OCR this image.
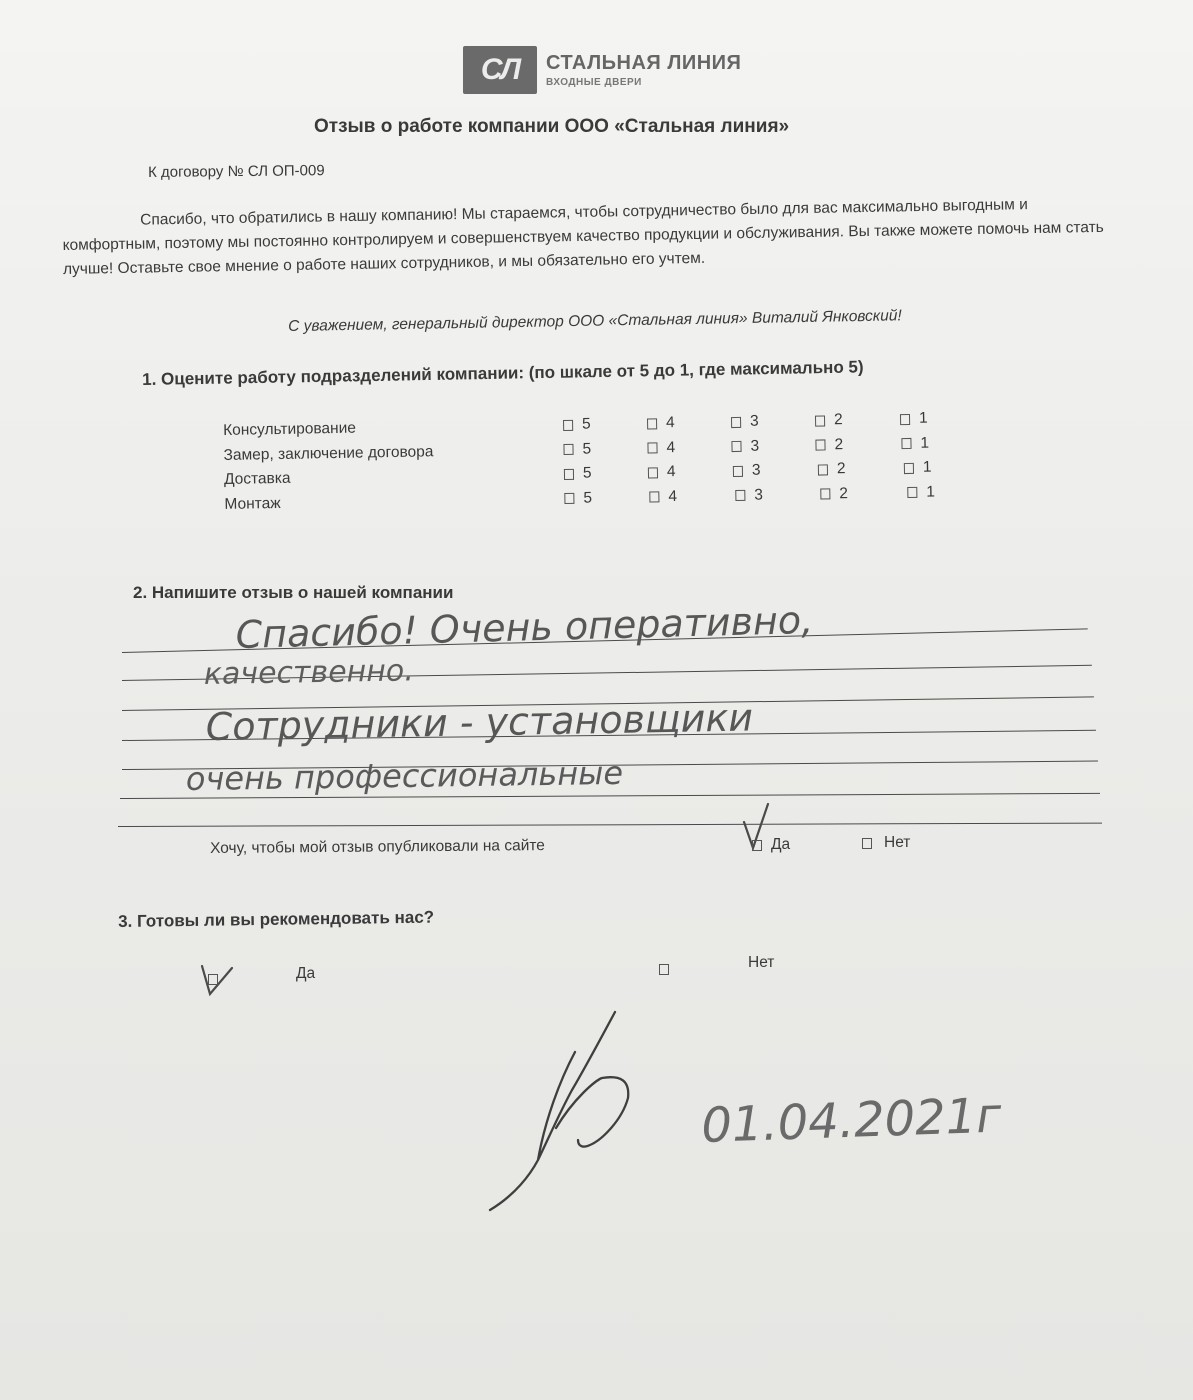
СЛ СТАЛЬНАЯ ЛИНИЯ
ВХОДНЫЕ ДВЕРИ
Отзыв о работе компании ООО «Стальная линия»
К договору № СЛ ОП-009

Спасибо, что обратились в нашу компанию! Мы стараемся, чтобы сотрудничество было для вас максимально выгодным и комфортным, поэтому мы постоянно контролируем и совершенствуем качество продукции и обслуживания. Вы также можете помочь нам стать лучше! Оставьте свое мнение о работе наших сотрудников, и мы обязательно его учтем.

С уважением, генеральный директор ООО «Стальная линия» Виталий Янковский!
1. Оцените работу подразделений компании: (по шкале от 5 до 1, где максимально 5)
Консультирование	5	4	3	2	1
Замер, заключение договора	5	4	3	2	1
Доставка	5	4	3	2	1
Монтаж	5	4	3	2	1
2. Напишите отзыв о нашей компании
Спасибо! Очень оперативно,
качественно.
Сотрудники - установщики
очень профессиональные
01.04.2021г
Хочу, чтобы мой отзыв опубликовали на сайте	Да	Нет
3. Готовы ли вы рекомендовать нас?
Да
Нет
